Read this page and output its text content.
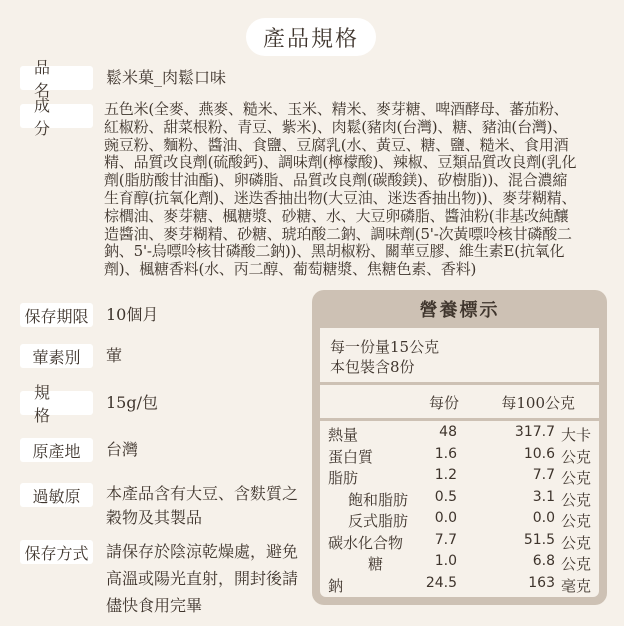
產品規格
品名
鬆米菓_肉鬆口味
成分
五色米(全麥、燕麥、糙米、玉米、精米、麥芽糖、啤酒酵母、蕃茄粉、紅椒粉、甜菜根粉、青豆、紫米)、肉鬆(豬肉(台灣)、糖、豬油(台灣)、豌豆粉、麵粉、醬油、食鹽、豆腐乳(水、黃豆、糖、鹽、糙米、食用酒精、品質改良劑(硫酸鈣)、調味劑(檸檬酸)、辣椒、豆類品質改良劑(乳化劑(脂肪酸甘油酯)、卵磷脂、品質改良劑(碳酸鎂)、矽樹脂))、混合濃縮生育醇(抗氧化劑)、迷迭香抽出物(大豆油、迷迭香抽出物))、麥芽糊精、棕櫚油、麥芽糖、楓糖漿、砂糖、水、大豆卵磷脂、醬油粉(非基改純釀造醬油、麥芽糊精、砂糖、琥珀酸二鈉、調味劑(5'-次黃嘌呤核甘磷酸二鈉、5'-烏嘌呤核甘磷酸二鈉))、黑胡椒粉、關華豆膠、維生素E(抗氧化劑)、楓糖香料(水、丙二醇、葡萄糖漿、焦糖色素、香料)
保存期限 10個月
葷素別	葷
規格
15g/包
原產地	台灣
過敏原	本產品含有大豆、含麩質之穀物及其製品
保存方式 請保存於陰涼乾燥處，避免高溫或陽光直射，開封後請儘快食用完畢
營養標示
每一份量15公克
本包裝含8份
每份	每100公克
熱量	48	317.7 大卡
蛋白質	1.6	10.6 公克
脂肪	1.2	7.7 公克
飽和脂肪 0.5	3.1 公克
反式脂肪 0.0	0.0 公克
碳水化合物 7.7	51.5 公克
糖	1.0	6.8 公克
鈉	24.5	163 毫克
